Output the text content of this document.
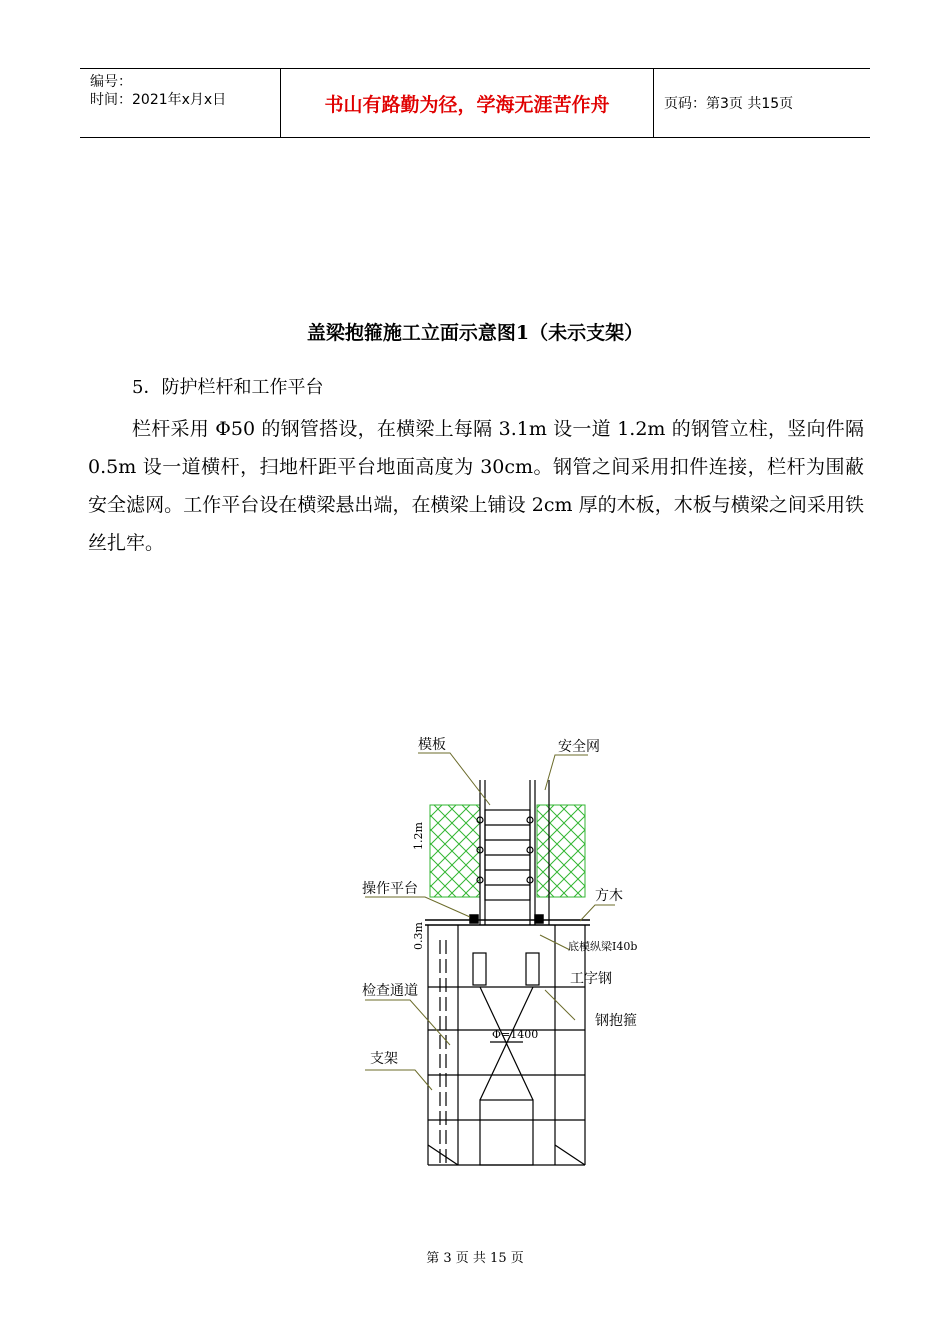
编号：
时间：2021年x月x日	书山有路勤为径，学海无涯苦作舟	页码：第3页 共15页
盖梁抱箍施工立面示意图1（未示支架）
5．防护栏杆和工作平台
栏杆采用 Φ50 的钢管搭设，在横梁上每隔 3.1m 设一道 1.2m 的钢管立柱，竖向件隔 0.5m 设一道横杆，扫地杆距平台地面高度为 30cm。钢管之间采用扣件连接，栏杆为围蔽安全滤网。工作平台设在横梁悬出端，在横梁上铺设 2cm 厚的木板，木板与横梁之间采用铁丝扎牢。
模板	安全网
操作平台	方木
底模纵梁I40b
工字钢
检查通道
钢抱箍
支架
1.2m
0.3m
Φ=1400
第 3 页 共 15 页
